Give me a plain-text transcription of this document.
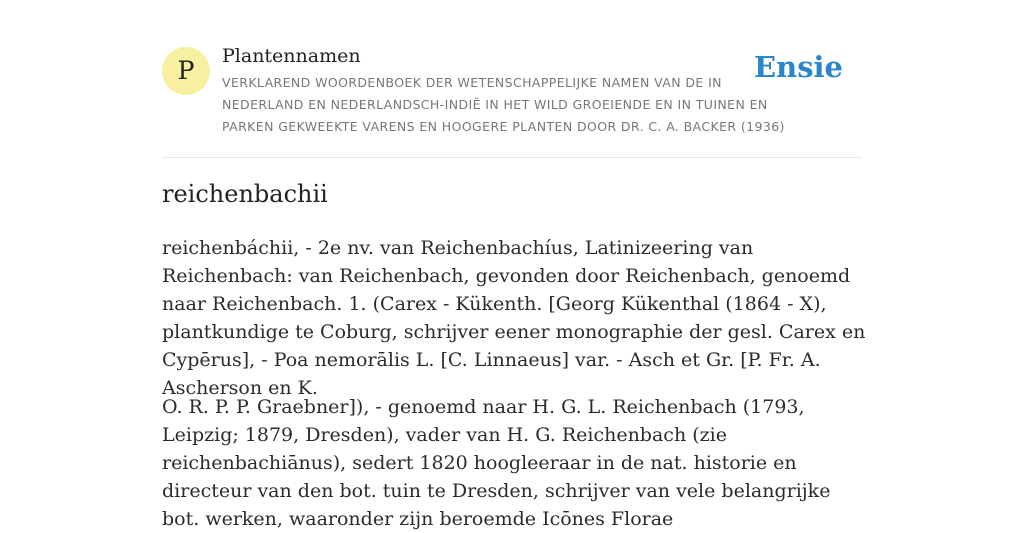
P	Plantennamen
VERKLAREND WOORDENBOEK DER WETENSCHAPPELIJKE NAMEN VAN DE IN NEDERLAND EN NEDERLANDSCH-INDIË IN HET WILD GROEIENDE EN IN TUINEN EN PARKEN GEKWEEKTE VARENS EN HOOGERE PLANTEN DOOR DR. C. A. BACKER (1936)
Ensie
reichenbachii

reichenbáchii, - 2e nv. van Reichenbachı́us, Latinizeering van Reichenbach: van Reichenbach, gevonden door Reichenbach, genoemd naar Reichenbach. 1. (Carex - Kükenth. [Georg Kükenthal (1864 - X), plantkundige te Coburg, schrijver eener monographie der gesl. Carex en Cypērus], - Poa nemorālis L. [C. Linnaeus] var. - Asch et Gr. [P. Fr. A. Ascherson en K.

O. R. P. P. Graebner]), - genoemd naar H. G. L. Reichenbach (1793, Leipzig; 1879, Dresden), vader van H. G. Reichenbach (zie reichenbachiānus), sedert 1820 hoogleeraar in de nat. historie en directeur van den bot. tuin te Dresden, schrijver van vele belangrijke bot. werken, waaronder zijn beroemde Icōnes Florae
